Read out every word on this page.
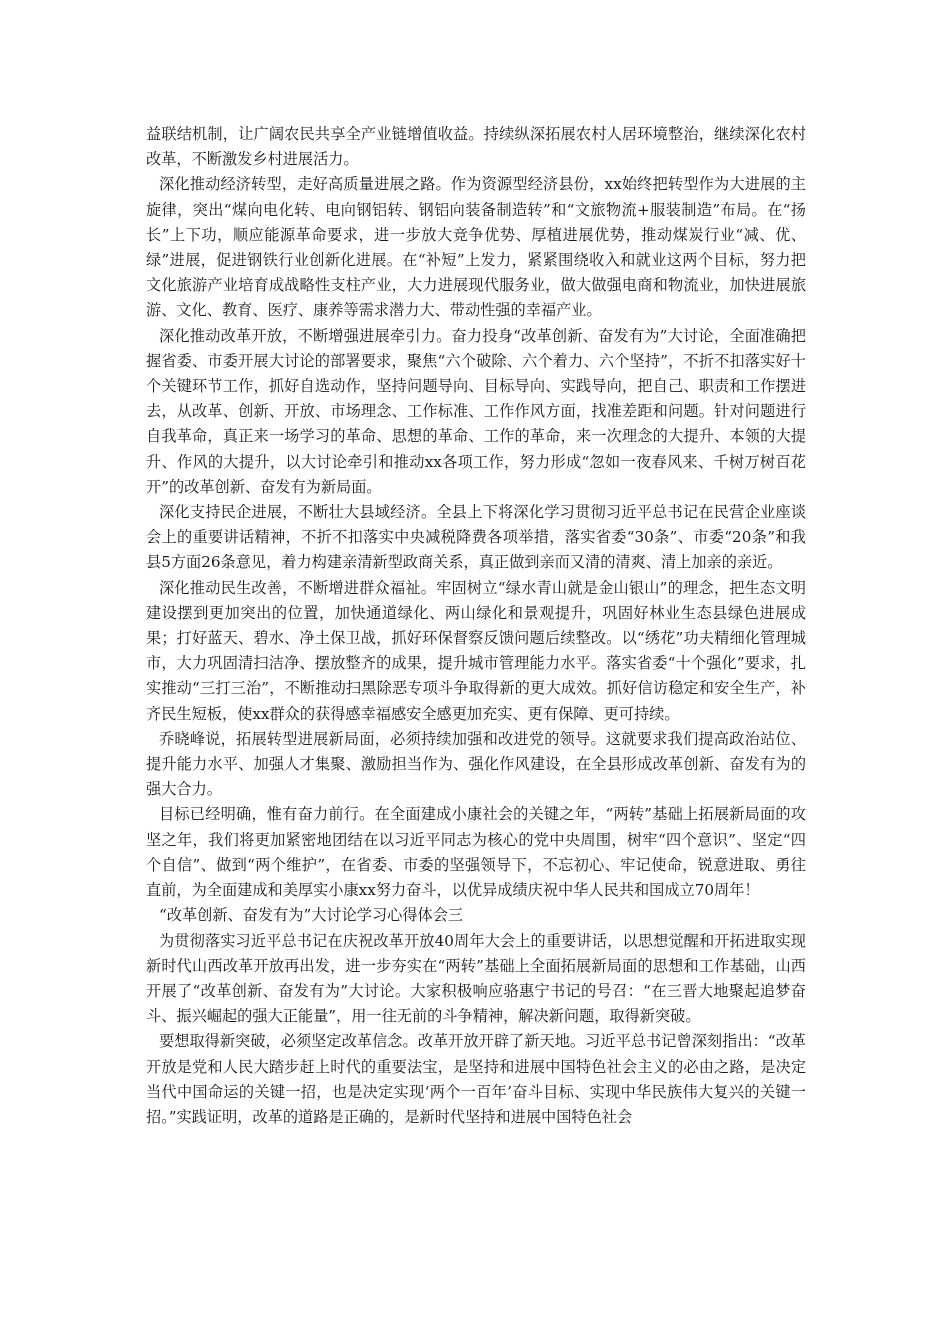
益联结机制，让广阔农民共享全产业链增值收益。持续纵深拓展农村人居环境整治，继续深化农村改革，不断激发乡村进展活力。

深化推动经济转型，走好高质量进展之路。作为资源型经济县份，xx始终把转型作为大进展的主旋律，突出“煤向电化转、电向钢铝转、钢铝向装备制造转”和“文旅物流+服装制造”布局。在“扬长”上下功，顺应能源革命要求，进一步放大竞争优势、厚植进展优势，推动煤炭行业“减、优、绿”进展，促进钢铁行业创新化进展。在“补短”上发力，紧紧围绕收入和就业这两个目标，努力把文化旅游产业培育成战略性支柱产业，大力进展现代服务业，做大做强电商和物流业，加快进展旅游、文化、教育、医疗、康养等需求潜力大、带动性强的幸福产业。

深化推动改革开放，不断增强进展牵引力。奋力投身“改革创新、奋发有为”大讨论，全面准确把握省委、市委开展大讨论的部署要求，聚焦“六个破除、六个着力、六个坚持”，不折不扣落实好十个关键环节工作，抓好自选动作，坚持问题导向、目标导向、实践导向，把自己、职责和工作摆进去，从改革、创新、开放、市场理念、工作标准、工作作风方面，找准差距和问题。针对问题进行自我革命，真正来一场学习的革命、思想的革命、工作的革命，来一次理念的大提升、本领的大提升、作风的大提升，以大讨论牵引和推动xx各项工作，努力形成“忽如一夜春风来、千树万树百花开”的改革创新、奋发有为新局面。

深化支持民企进展，不断壮大县域经济。全县上下将深化学习贯彻习近平总书记在民营企业座谈会上的重要讲话精神，不折不扣落实中央减税降费各项举措，落实省委“30条”、市委“20条”和我县5方面26条意见，着力构建亲清新型政商关系，真正做到亲而又清的清爽、清上加亲的亲近。

深化推动民生改善，不断增进群众福祉。牢固树立“绿水青山就是金山银山”的理念，把生态文明建设摆到更加突出的位置，加快通道绿化、两山绿化和景观提升，巩固好林业生态县绿色进展成果；打好蓝天、碧水、净土保卫战，抓好环保督察反馈问题后续整改。以“绣花”功夫精细化管理城市，大力巩固清扫洁净、摆放整齐的成果，提升城市管理能力水平。落实省委“十个强化”要求，扎实推动“三打三治”，不断推动扫黑除恶专项斗争取得新的更大成效。抓好信访稳定和安全生产，补齐民生短板，使xx群众的获得感幸福感安全感更加充实、更有保障、更可持续。

乔晓峰说，拓展转型进展新局面，必须持续加强和改进党的领导。这就要求我们提高政治站位、提升能力水平、加强人才集聚、激励担当作为、强化作风建设，在全县形成改革创新、奋发有为的强大合力。

目标已经明确，惟有奋力前行。在全面建成小康社会的关键之年，“两转”基础上拓展新局面的攻坚之年，我们将更加紧密地团结在以习近平同志为核心的党中央周围，树牢“四个意识”、坚定“四个自信”、做到“两个维护”，在省委、市委的坚强领导下，不忘初心、牢记使命，锐意进取、勇往直前，为全面建成和美厚实小康xx努力奋斗，以优异成绩庆祝中华人民共和国成立70周年！

“改革创新、奋发有为”大讨论学习心得体会三

为贯彻落实习近平总书记在庆祝改革开放40周年大会上的重要讲话，以思想觉醒和开拓进取实现新时代山西改革开放再出发，进一步夯实在“两转”基础上全面拓展新局面的思想和工作基础，山西开展了“改革创新、奋发有为”大讨论。大家积极响应骆惠宁书记的号召：“在三晋大地聚起追梦奋斗、振兴崛起的强大正能量”，用一往无前的斗争精神，解决新问题，取得新突破。

要想取得新突破，必须坚定改革信念。改革开放开辟了新天地。习近平总书记曾深刻指出：“改革开放是党和人民大踏步赶上时代的重要法宝，是坚持和进展中国特色社会主义的必由之路，是决定当代中国命运的关键一招，也是决定实现‘两个一百年’奋斗目标、实现中华民族伟大复兴的关键一招。”实践证明，改革的道路是正确的，是新时代坚持和进展中国特色社会
